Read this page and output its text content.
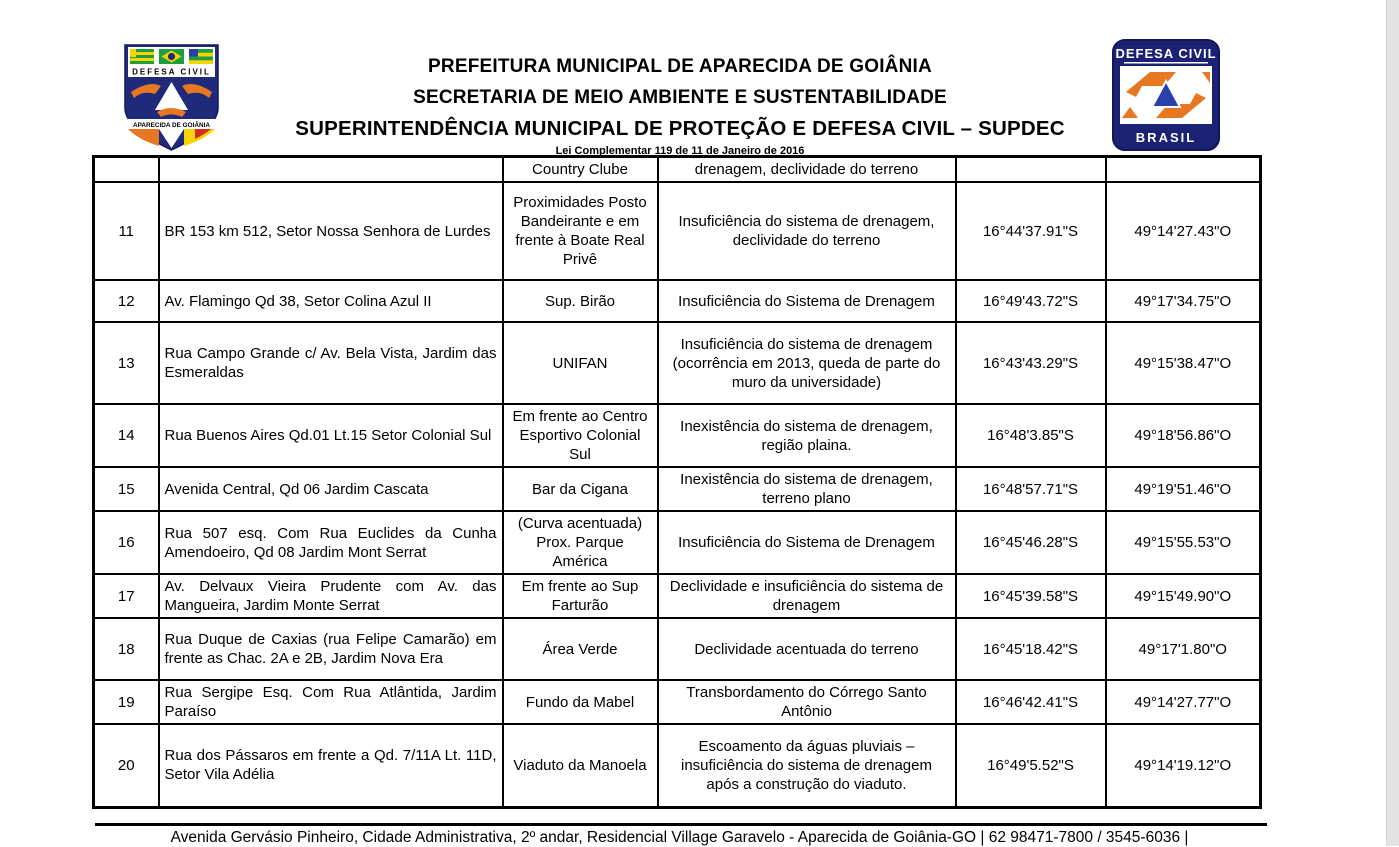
DEFESA CIVIL
APARECIDA DE GOIÂNIA
DEFESA CIVIL
BRASIL
PREFEITURA MUNICIPAL DE APARECIDA DE GOIÂNIA
SECRETARIA DE MEIO AMBIENTE E SUSTENTABILIDADE
SUPERINTENDÊNCIA MUNICIPAL DE PROTEÇÃO E DEFESA CIVIL – SUPDEC
Lei Complementar 119 de 11 de Janeiro de 2016
		Country Clube	drenagem, declividade do terreno		
11	BR 153 km 512, Setor Nossa Senhora de Lurdes	Proximidades Posto Bandeirante e em frente à Boate Real Privê	Insuficiência do sistema de drenagem, declividade do terreno	16°44'37.91"S	49°14'27.43"O
12	Av. Flamingo Qd 38, Setor Colina Azul II	Sup. Birão	Insuficiência do Sistema de Drenagem	16°49'43.72"S	49°17'34.75"O
13	Rua Campo Grande c/ Av. Bela Vista, Jardim das Esmeraldas	UNIFAN	Insuficiência do sistema de drenagem (ocorrência em 2013, queda de parte do muro da universidade)	16°43'43.29"S	49°15'38.47"O
14	Rua Buenos Aires Qd.01 Lt.15 Setor Colonial Sul	Em frente ao Centro Esportivo Colonial Sul	Inexistência do sistema de drenagem, região plaina.	16°48'3.85"S	49°18'56.86"O
15	Avenida Central, Qd 06 Jardim Cascata	Bar da Cigana	Inexistência do sistema de drenagem, terreno plano	16°48'57.71"S	49°19'51.46"O
16	Rua 507 esq. Com Rua Euclides da Cunha Amendoeiro, Qd 08 Jardim Mont Serrat	(Curva acentuada) Prox. Parque América	Insuficiência do Sistema de Drenagem	16°45'46.28"S	49°15'55.53"O
17	Av. Delvaux Vieira Prudente com Av. das Mangueira, Jardim Monte Serrat	Em frente ao Sup Farturão	Declividade e insuficiência do sistema de drenagem	16°45'39.58"S	49°15'49.90"O
18	Rua Duque de Caxias (rua Felipe Camarão) em frente as Chac. 2A e 2B, Jardim Nova Era	Área Verde	Declividade acentuada do terreno	16°45'18.42"S	49°17'1.80"O
19	Rua Sergipe Esq. Com Rua Atlântida, Jardim Paraíso	Fundo da Mabel	Transbordamento do Córrego Santo Antônio	16°46'42.41"S	49°14'27.77"O
20	Rua dos Pássaros em frente a Qd. 7/11A Lt. 11D, Setor Vila Adélia	Viaduto da Manoela	Escoamento da águas pluviais – insuficiência do sistema de drenagem após a construção do viaduto.	16°49'5.52"S	49°14'19.12"O
Avenida Gervásio Pinheiro, Cidade Administrativa, 2º andar, Residencial Village Garavelo - Aparecida de Goiânia-GO | 62 98471-7800 / 3545-6036 |
